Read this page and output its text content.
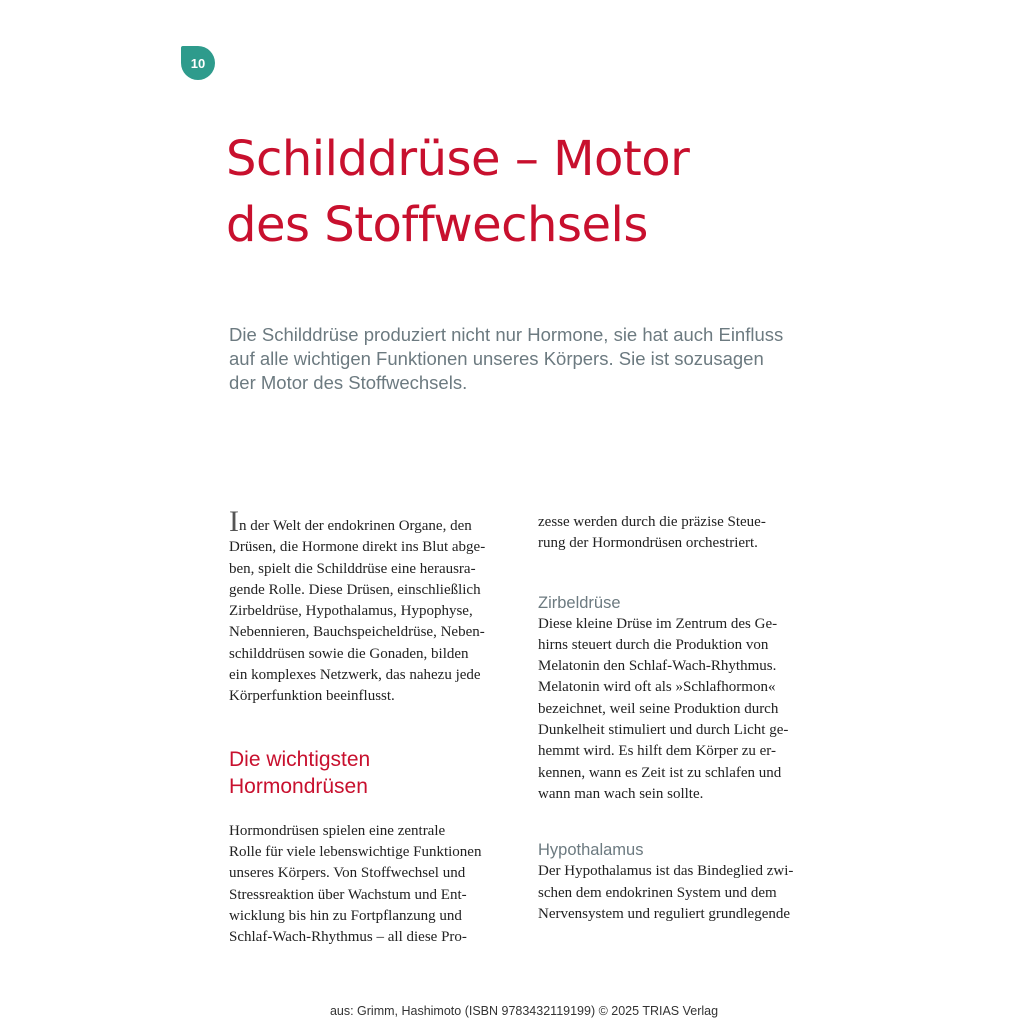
10
Schilddrüse – Motor
des Stoffwechsels

Die Schilddrüse produziert nicht nur Hormone, sie hat auch Einfluss
auf alle wichtigen Funktionen unseres Körpers. Sie ist sozusagen
der Motor des Stoffwechsels.

In der Welt der endokrinen Organe, den
Drüsen, die Hormone direkt ins Blut abge-
ben, spielt die Schilddrüse eine herausra-
gende Rolle. Diese Drüsen, einschließlich
Zirbeldrüse, Hypothalamus, Hypophyse,
Nebennieren, Bauchspeicheldrüse, Neben-
schilddrüsen sowie die Gonaden, bilden
ein komplexes Netzwerk, das nahezu jede
Körperfunktion beeinflusst.
Die wichtigsten
Hormondrüsen
Hormondrüsen spielen eine zentrale
Rolle für viele lebenswichtige Funktionen
unseres Körpers. Von Stoffwechsel und
Stressreaktion über Wachstum und Ent-
wicklung bis hin zu Fortpflanzung und
Schlaf-Wach-Rhythmus – all diese Pro-
zesse werden durch die präzise Steue-
rung der Hormondrüsen orchestriert.
Zirbeldrüse
Diese kleine Drüse im Zentrum des Ge-
hirns steuert durch die Produktion von
Melatonin den Schlaf-Wach-Rhythmus.
Melatonin wird oft als »Schlafhormon«
bezeichnet, weil seine Produktion durch
Dunkelheit stimuliert und durch Licht ge-
hemmt wird. Es hilft dem Körper zu er-
kennen, wann es Zeit ist zu schlafen und
wann man wach sein sollte.
Hypothalamus
Der Hypothalamus ist das Bindeglied zwi-
schen dem endokrinen System und dem
Nervensystem und reguliert grundlegende
aus: Grimm, Hashimoto (ISBN 9783432119199) © 2025 TRIAS Verlag
